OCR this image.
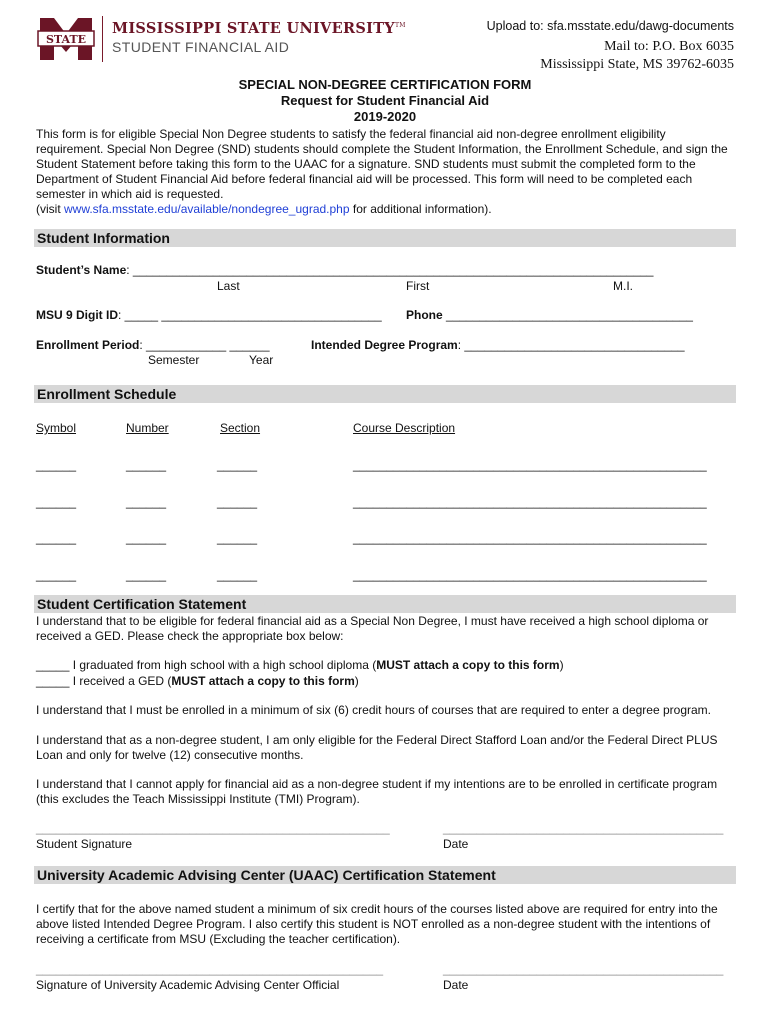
STATE
MISSISSIPPI STATE UNIVERSITY™
STUDENT FINANCIAL AID
Upload to: sfa.msstate.edu/dawg-documents
Mail to: P.O. Box 6035
Mississippi State, MS 39762-6035
SPECIAL NON-DEGREE CERTIFICATION FORM
Request for Student Financial Aid
2019-2020
This form is for eligible Special Non Degree students to satisfy the federal financial aid non-degree enrollment eligibility requirement. Special Non Degree (SND) students should complete the Student Information, the Enrollment Schedule, and sign the Student Statement before taking this form to the UAAC for a signature. SND students must submit the completed form to the Department of Student Financial Aid before federal financial aid will be processed. This form will need to be completed each semester in which aid is requested.
(visit www.sfa.msstate.edu/available/nondegree_ugrad.php for additional information).
Student Information
Student’s Name: ______________________________________________________________________________
Last	First	M.I.
MSU 9 Digit ID: _____ _________________________________ Phone _____________________________________
Enrollment Period: ____________ ______
Semester	Year
Intended Degree Program: _________________________________
Enrollment Schedule
Symbol	Number	Section	Course Description
______	______	______	_____________________________________________________
______	______	______	_____________________________________________________
______	______	______	_____________________________________________________
______	______	______	_____________________________________________________
Student Certification Statement
I understand that to be eligible for federal financial aid as a Special Non Degree, I must have received a high school diploma or received a GED. Please check the appropriate box below:
_____ I graduated from high school with a high school diploma (MUST attach a copy to this form)
_____ I received a GED (MUST attach a copy to this form)
I understand that I must be enrolled in a minimum of six (6) credit hours of courses that are required to enter a degree program.
I understand that as a non-degree student, I am only eligible for the Federal Direct Stafford Loan and/or the Federal Direct PLUS Loan and only for twelve (12) consecutive months.
I understand that I cannot apply for financial aid as a non-degree student if my intentions are to be enrolled in certificate program (this excludes the Teach Mississippi Institute (TMI) Program).
_____________________________________________________	__________________________________________
Student Signature	Date
University Academic Advising Center (UAAC) Certification Statement
I certify that for the above named student a minimum of six credit hours of the courses listed above are required for entry into the above listed Intended Degree Program. I also certify this student is NOT enrolled as a non-degree student with the intentions of receiving a certificate from MSU (Excluding the teacher certification).
____________________________________________________	__________________________________________
Signature of University Academic Advising Center Official	Date
